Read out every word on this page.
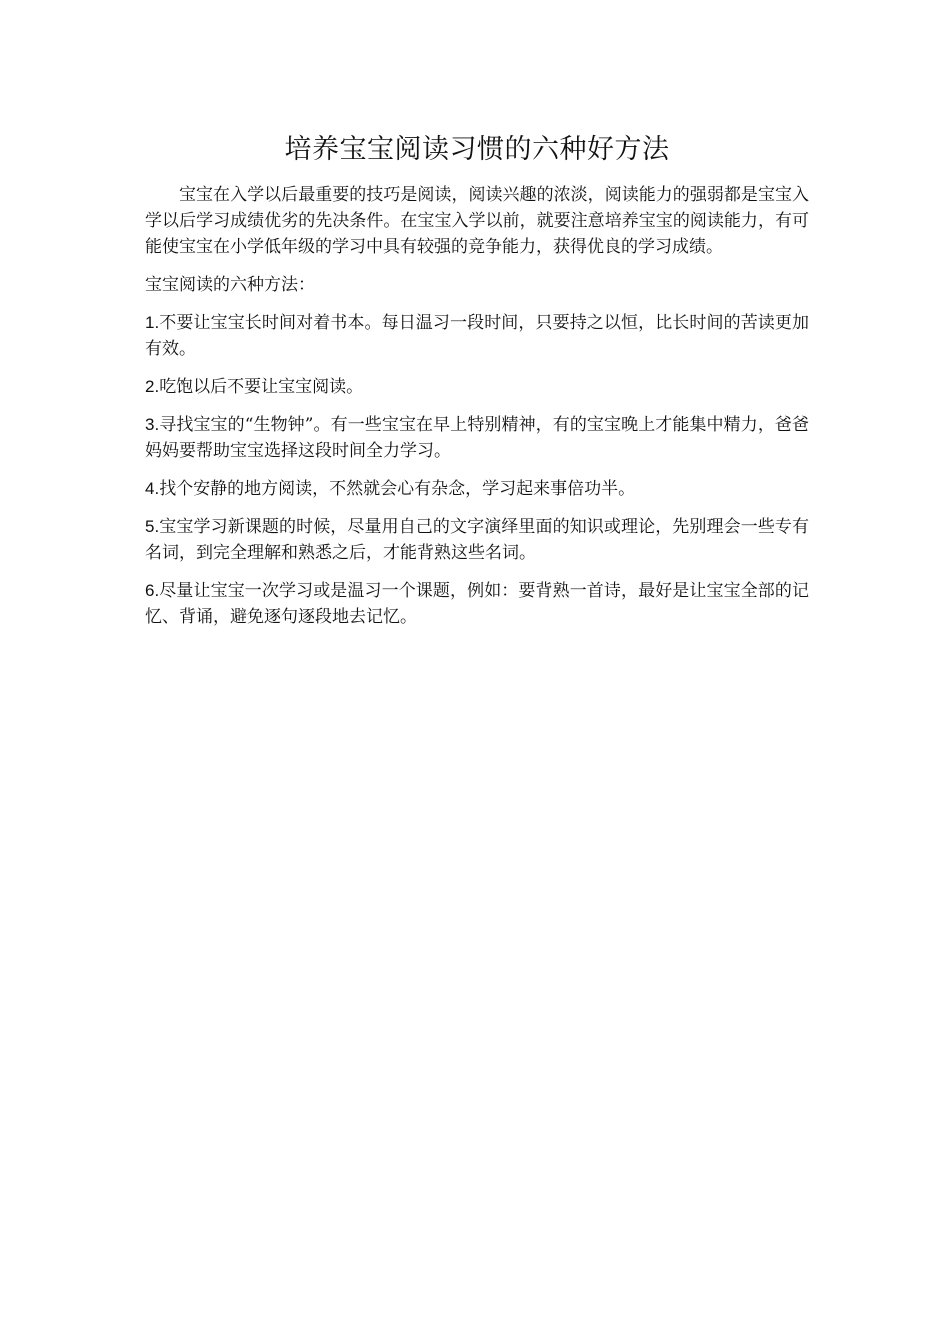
培养宝宝阅读习惯的六种好方法

宝宝在入学以后最重要的技巧是阅读，阅读兴趣的浓淡，阅读能力的强弱都是宝宝入学以后学习成绩优劣的先决条件。在宝宝入学以前，就要注意培养宝宝的阅读能力，有可能使宝宝在小学低年级的学习中具有较强的竞争能力，获得优良的学习成绩。

宝宝阅读的六种方法：

1.不要让宝宝长时间对着书本。每日温习一段时间，只要持之以恒，比长时间的苦读更加有效。

2.吃饱以后不要让宝宝阅读。

3.寻找宝宝的“生物钟”。有一些宝宝在早上特别精神，有的宝宝晚上才能集中精力，爸爸妈妈要帮助宝宝选择这段时间全力学习。

4.找个安静的地方阅读，不然就会心有杂念，学习起来事倍功半。

5.宝宝学习新课题的时候，尽量用自己的文字演绎里面的知识或理论，先别理会一些专有名词，到完全理解和熟悉之后，才能背熟这些名词。

6.尽量让宝宝一次学习或是温习一个课题，例如：要背熟一首诗，最好是让宝宝全部的记忆、背诵，避免逐句逐段地去记忆。
